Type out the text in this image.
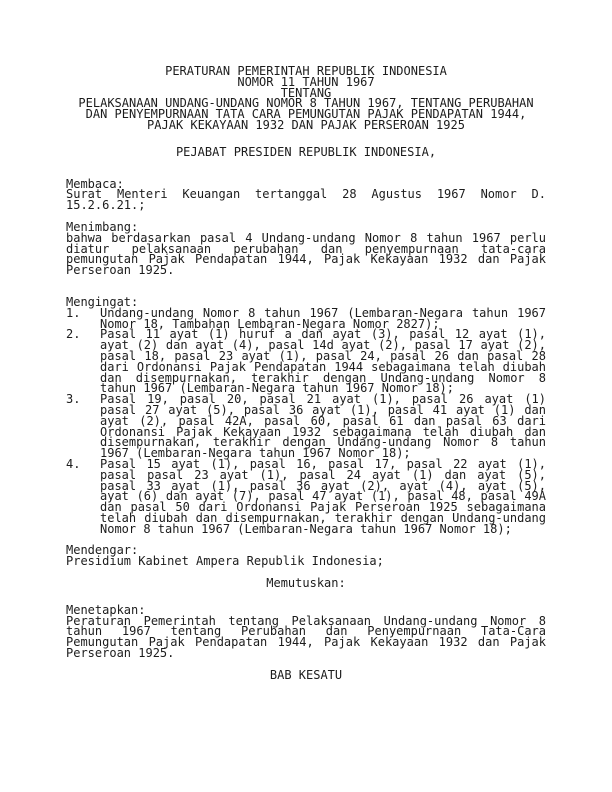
PERATURAN PEMERINTAH REPUBLIK INDONESIA
NOMOR 11 TAHUN 1967
TENTANG
PELAKSANAAN UNDANG-UNDANG NOMOR 8 TAHUN 1967, TENTANG PERUBAHAN
DAN PENYEMPURNAAN TATA CARA PEMUNGUTAN PAJAK PENDAPATAN 1944,
PAJAK KEKAYAAN 1932 DAN PAJAK PERSEROAN 1925
PEJABAT PRESIDEN REPUBLIK INDONESIA,
Membaca:

Surat Menteri Keuangan tertanggal 28 Agustus 1967 Nomor D. 15.2.6.21.;

Menimbang:

bahwa berdasarkan pasal 4 Undang-undang Nomor 8 tahun 1967 perlu diatur pelaksanaan perubahan dan penyempurnaan tata-cara pemungutan Pajak Pendapatan 1944, Pajak Kekayaan 1932 dan Pajak Perseroan 1925.

Mengingat:
1.	Undang-undang Nomor 8 tahun 1967 (Lembaran-Negara tahun 1967 Nomor 18, Tambahan Lembaran-Negara Nomor 2827);
2.	Pasal 11 ayat (1) huruf a dan ayat (3), pasal 12 ayat (1), ayat (2) dan ayat (4), pasal 14d ayat (2), pasal 17 ayat (2), pasal 18, pasal 23 ayat (1), pasal 24, pasal 26 dan pasal 28 dari Ordonansi Pajak Pendapatan 1944 sebagaimana telah diubah dan disempurnakan, terakhir dengan Undang-undang Nomor 8 tahun 1967 (Lembaran-Negara tahun 1967 Nomor 18);
3.	Pasal 19, pasal 20, pasal 21 ayat (1), pasal 26 ayat (1) pasal 27 ayat (5), pasal 36 ayat (1), pasal 41 ayat (1) dan ayat (2), pasal 42A, pasal 60, pasal 61 dan pasal 63 dari Ordonansi Pajak Kekayaan 1932 sebagaimana telah diubah dan disempurnakan, terakhir dengan Undang-undang Nomor 8 tahun 1967 (Lembaran-Negara tahun 1967 Nomor 18);
4.	Pasal 15 ayat (1), pasal 16, pasal 17, pasal 22 ayat (1), pasal pasal 23 ayat (1), pasal 24 ayat (1) dan ayat (5), pasal 33 ayat (1), pasal 36 ayat (2), ayat (4), ayat (5), ayat (6) dan ayat (7), pasal 47 ayat (1), pasal 48, pasal 49A dan pasal 50 dari Ordonansi Pajak Perseroan 1925 sebagaimana telah diubah dan disempurnakan, terakhir dengan Undang-undang Nomor 8 tahun 1967 (Lembaran-Negara tahun 1967 Nomor 18);
Mendengar:

Presidium Kabinet Ampera Republik Indonesia;

Memutuskan:
Menetapkan:

Peraturan Pemerintah tentang Pelaksanaan Undang-undang Nomor 8 tahun 1967 tentang Perubahan dan Penyempurnaan Tata-Cara Pemungutan Pajak Pendapatan 1944, Pajak Kekayaan 1932 dan Pajak Perseroan 1925.

BAB KESATU
